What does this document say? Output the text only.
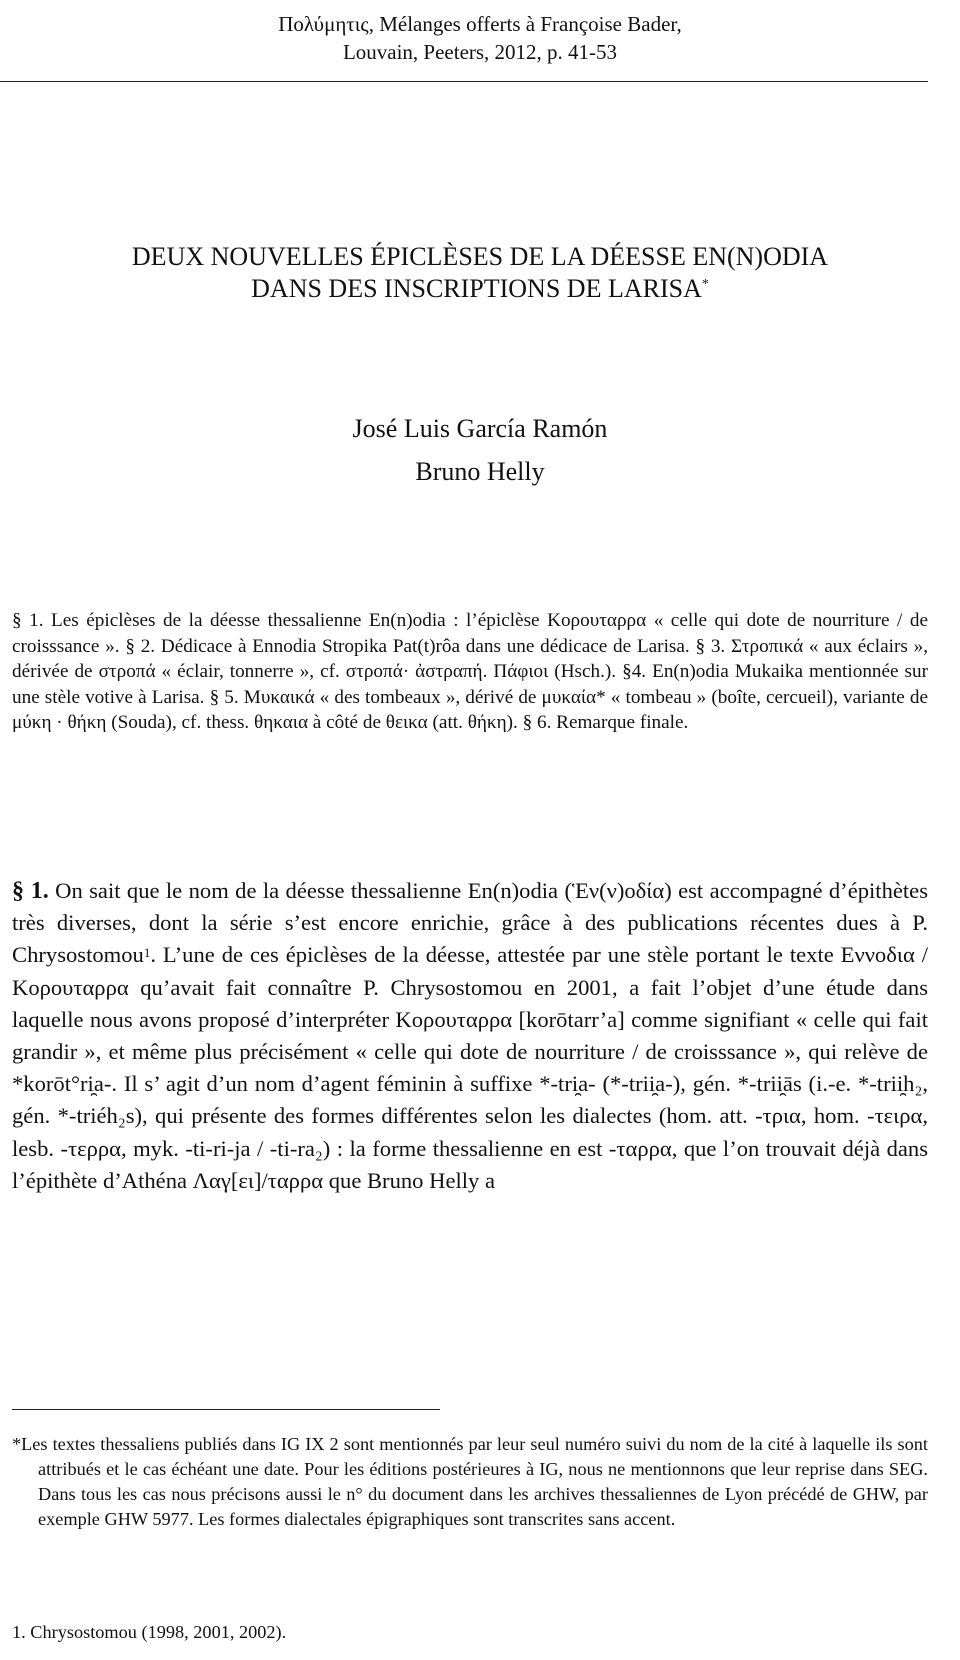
Πολύμητις, Mélanges offerts à Françoise Bader,
Louvain, Peeters, 2012, p. 41-53
DEUX NOUVELLES ÉPICLÈSES DE LA DÉESSE EN(N)ODIA
DANS DES INSCRIPTIONS DE LARISA*
José Luis García Ramón
Bruno Helly

§ 1. Les épiclèses de la déesse thessalienne En(n)odia : l’épiclèse Κορουταρρα « celle qui dote de nourriture / de croisssance ». § 2. Dédicace à Ennodia Stropika Pat(t)rôa dans une dédicace de Larisa. § 3. Στροπικά « aux éclairs », dérivée de στροπά « éclair, tonnerre », cf. στροπά· ἀστραπή. Πάφιοι (Hsch.). §4. En(n)odia Mukaika mentionnée sur une stèle votive à Larisa. § 5. Μυκαικά « des tombeaux », dérivé de μυκαία* « tombeau » (boîte, cercueil), variante de μύκη · θήκη (Souda), cf. thess. θηκαια à côté de θεικα (att. θήκη). § 6. Remarque finale.

§ 1. On sait que le nom de la déesse thessalienne En(n)odia (Ἑν(ν)οδία) est accompagné d’épithètes très diverses, dont la série s’est encore enrichie, grâce à des publications récentes dues à P. Chrysostomou$^1$. L’une de ces épiclèses de la déesse, attestée par une stèle portant le texte Εννοδια / Κορουταρρα qu’avait fait connaître P. Chrysostomou en 2001, a fait l’objet d’une étude dans laquelle nous avons proposé d’interpréter Κορουταρρα [korōtarr’a] comme signifiant « celle qui fait grandir », et même plus précisément « celle qui dote de nourriture / de croisssance », qui relève de *korōt°ri̯a-. Il s’ agit d’un nom d’agent féminin à suffixe *-tri̯a- (*-trii̯a-), gén. *-trii̯ās (i.-e. *-trii̯h₂, gén. *-triéh₂s), qui présente des formes différentes selon les dialectes (hom. att. -τρια, hom. -τειρα, lesb. -τερρα, myk. -ti-ri-ja / -ti-ra₂) : la forme thessalienne en est -ταρρα, que l’on trouvait déjà dans l’épithète d’Athéna Λαγ[ει]/ταρρα que Bruno Helly a

*Les textes thessaliens publiés dans IG IX 2 sont mentionnés par leur seul numéro suivi du nom de la cité à laquelle ils sont attribués et le cas échéant une date. Pour les éditions postérieures à IG, nous ne mentionnons que leur reprise dans SEG. Dans tous les cas nous précisons aussi le n° du document dans les archives thessaliennes de Lyon précédé de GHW, par exemple GHW 5977. Les formes dialectales épigraphiques sont transcrites sans accent.

1. Chrysostomou (1998, 2001, 2002).
